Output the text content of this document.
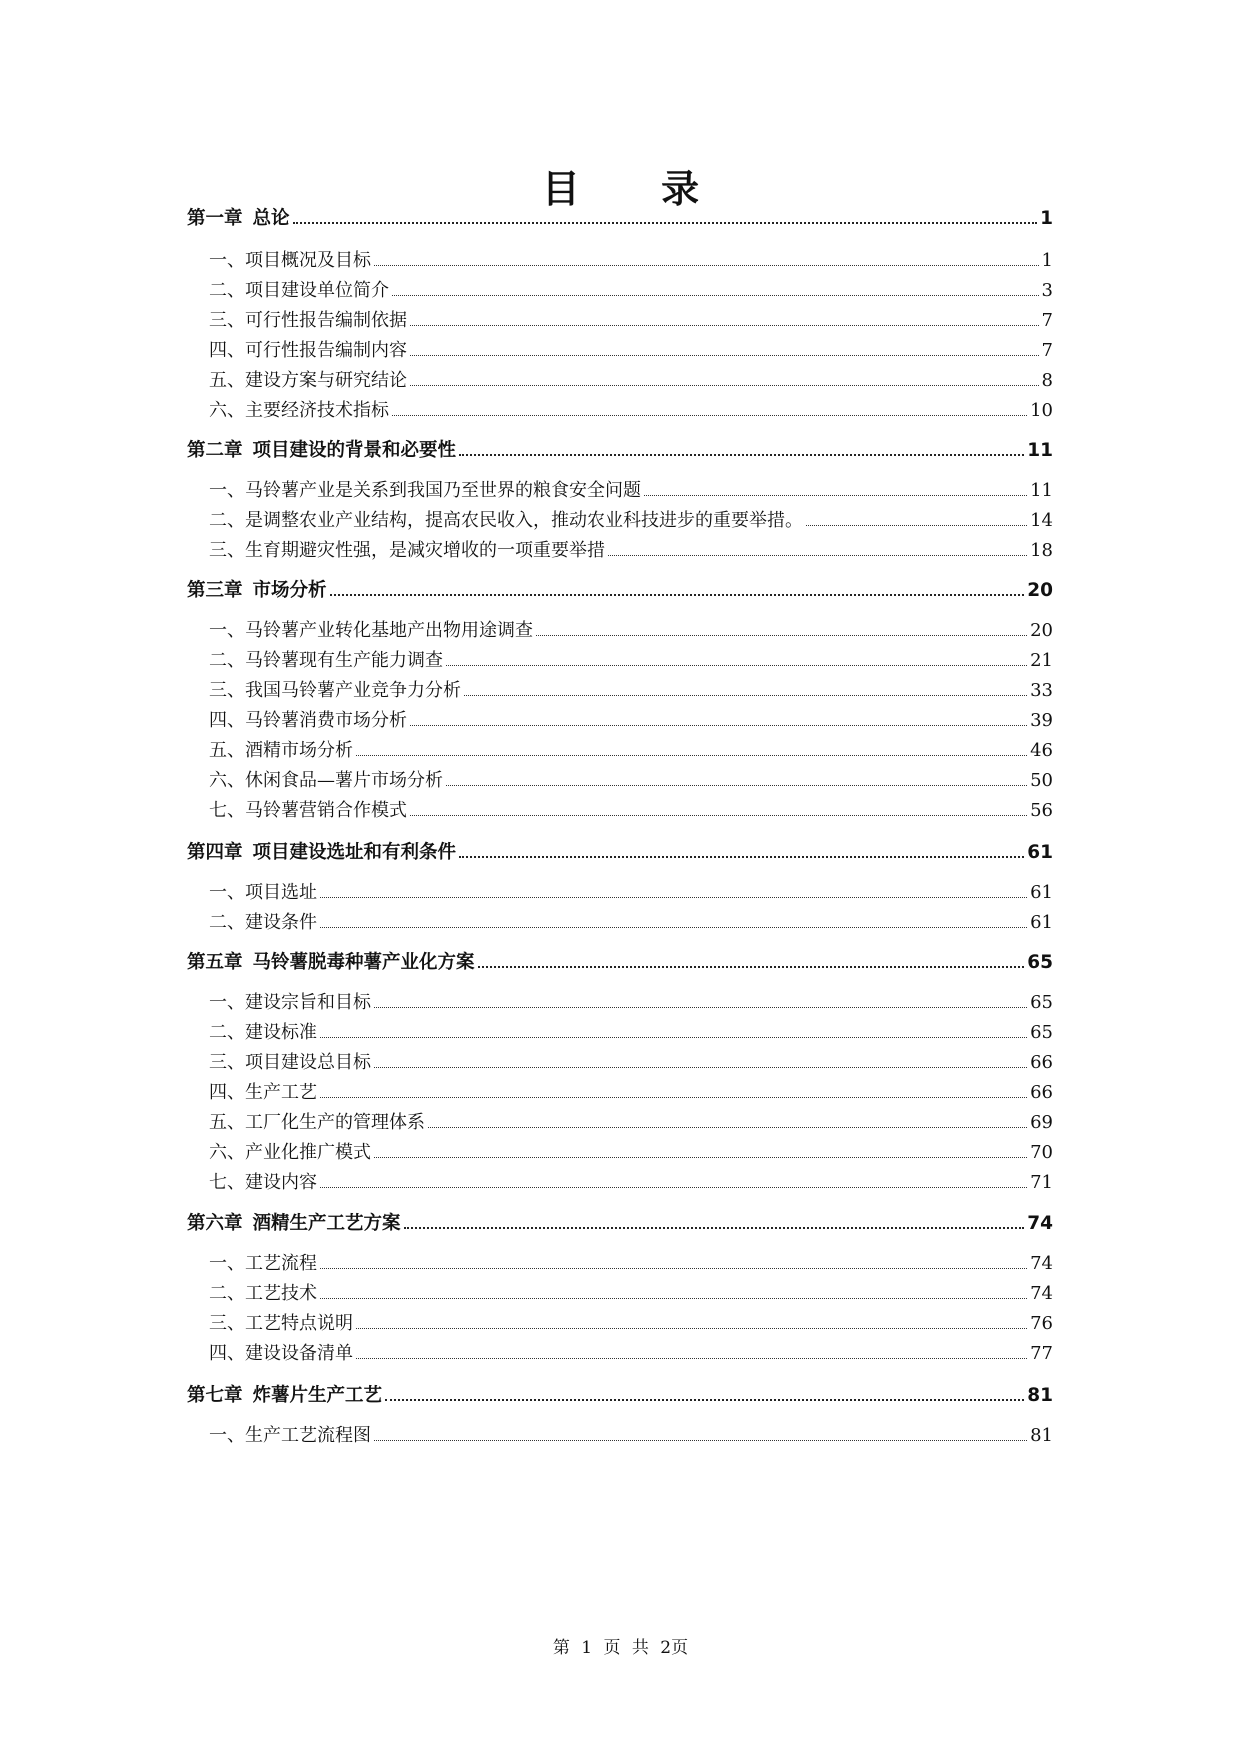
目 录
第一章 总论	1
一、项目概况及目标	1
二、项目建设单位简介	3
三、可行性报告编制依据	7
四、可行性报告编制内容	7
五、建设方案与研究结论	8
六、主要经济技术指标	10
第二章 项目建设的背景和必要性	11
一、马铃薯产业是关系到我国乃至世界的粮食安全问题	11
二、是调整农业产业结构，提高农民收入，推动农业科技进步的重要举措。	14
三、生育期避灾性强，是减灾增收的一项重要举措	18
第三章 市场分析	20
一、马铃薯产业转化基地产出物用途调查	20
二、马铃薯现有生产能力调查	21
三、我国马铃薯产业竞争力分析	33
四、马铃薯消费市场分析	39
五、酒精市场分析	46
六、休闲食品—薯片市场分析	50
七、马铃薯营销合作模式	56
第四章 项目建设选址和有利条件	61
一、项目选址	61
二、建设条件	61
第五章 马铃薯脱毒种薯产业化方案	65
一、建设宗旨和目标	65
二、建设标准	65
三、项目建设总目标	66
四、生产工艺	66
五、工厂化生产的管理体系	69
六、产业化推广模式	70
七、建设内容	71
第六章 酒精生产工艺方案	74
一、工艺流程	74
二、工艺技术	74
三、工艺特点说明	76
四、建设设备清单	77
第七章 炸薯片生产工艺	81
一、生产工艺流程图	81
第 1 页 共 2页
